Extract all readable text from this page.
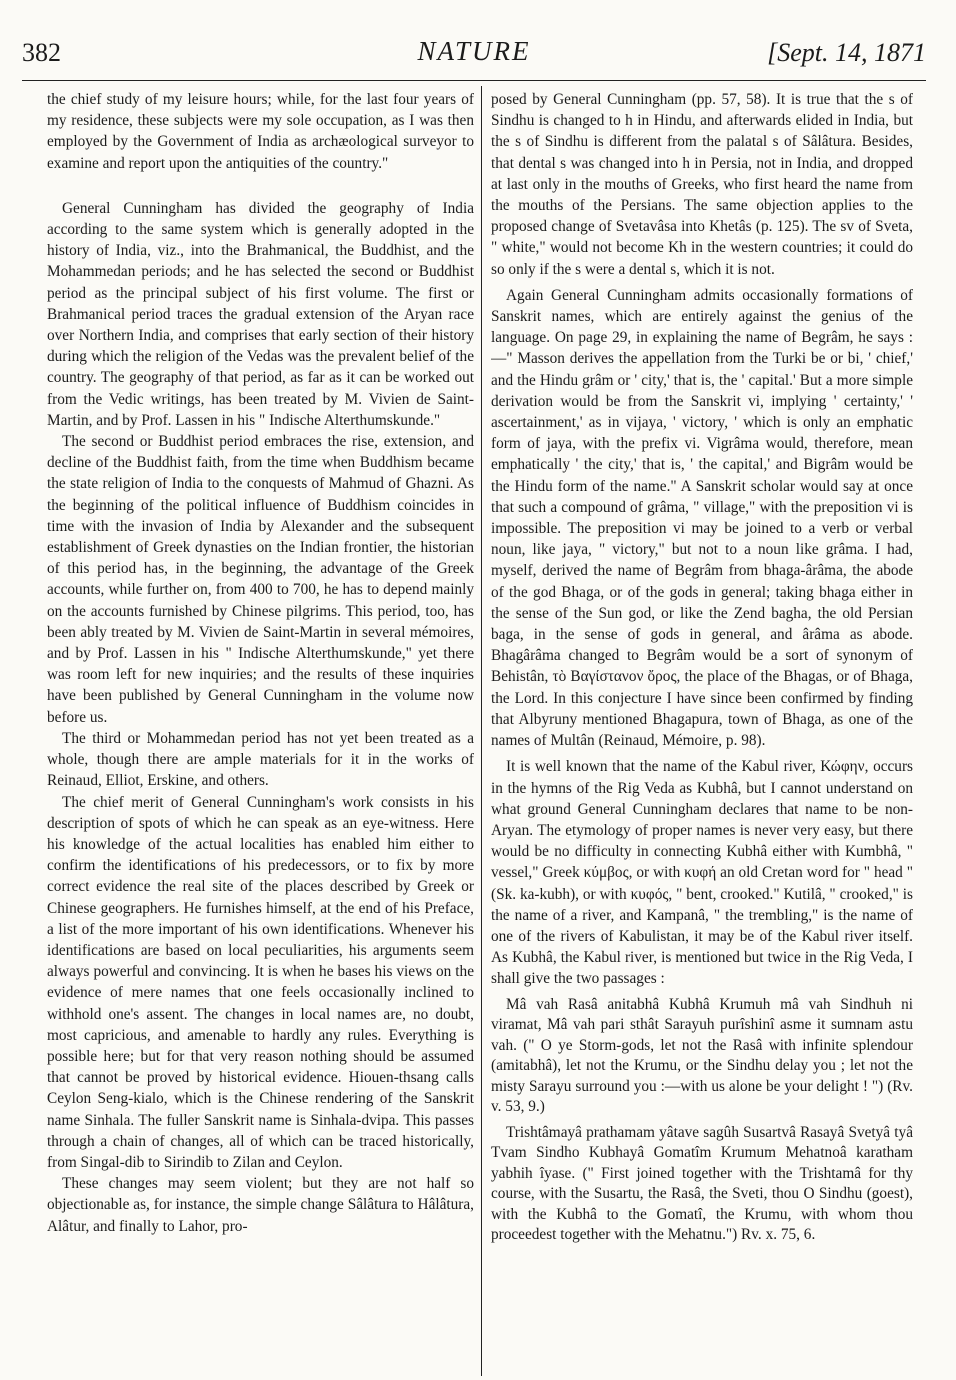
382	NATURE	[Sept. 14, 1871

the chief study of my leisure hours; while, for the last four years of my residence, these subjects were my sole occupation, as I was then employed by the Government of India as archæological surveyor to examine and report upon the antiquities of the country."

General Cunningham has divided the geography of India according to the same system which is generally adopted in the history of India, viz., into the Brahmanical, the Buddhist, and the Mohammedan periods; and he has selected the second or Buddhist period as the principal subject of his first volume. The first or Brahmanical period traces the gradual extension of the Aryan race over Northern India, and comprises that early section of their history during which the religion of the Vedas was the prevalent belief of the country. The geography of that period, as far as it can be worked out from the Vedic writings, has been treated by M. Vivien de Saint-Martin, and by Prof. Lassen in his " Indische Alterthumskunde."

The second or Buddhist period embraces the rise, extension, and decline of the Buddhist faith, from the time when Buddhism became the state religion of India to the conquests of Mahmud of Ghazni. As the beginning of the political influence of Buddhism coincides in time with the invasion of India by Alexander and the subsequent establishment of Greek dynasties on the Indian frontier, the historian of this period has, in the beginning, the advantage of the Greek accounts, while further on, from 400 to 700, he has to depend mainly on the accounts furnished by Chinese pilgrims. This period, too, has been ably treated by M. Vivien de Saint-Martin in several mémoires, and by Prof. Lassen in his " Indische Alterthumskunde," yet there was room left for new inquiries; and the results of these inquiries have been published by General Cunningham in the volume now before us.

The third or Mohammedan period has not yet been treated as a whole, though there are ample materials for it in the works of Reinaud, Elliot, Erskine, and others.

The chief merit of General Cunningham's work consists in his description of spots of which he can speak as an eye-witness. Here his knowledge of the actual localities has enabled him either to confirm the identifications of his predecessors, or to fix by more correct evidence the real site of the places described by Greek or Chinese geographers. He furnishes himself, at the end of his Preface, a list of the more important of his own identifications. Whenever his identifications are based on local peculiarities, his arguments seem always powerful and convincing. It is when he bases his views on the evidence of mere names that one feels occasionally inclined to withhold one's assent. The changes in local names are, no doubt, most capricious, and amenable to hardly any rules. Everything is possible here; but for that very reason nothing should be assumed that cannot be proved by historical evidence. Hiouen-thsang calls Ceylon Seng-kialo, which is the Chinese rendering of the Sanskrit name Sinhala. The fuller Sanskrit name is Sinhala-dvipa. This passes through a chain of changes, all of which can be traced historically, from Singal-dib to Sirindib to Zilan and Ceylon.

These changes may seem violent; but they are not half so objectionable as, for instance, the simple change Sâlâtura to Hâlâtura, Alâtur, and finally to Lahor, pro-

posed by General Cunningham (pp. 57, 58). It is true that the s of Sindhu is changed to h in Hindu, and afterwards elided in India, but the s of Sindhu is different from the palatal s of Sâlâtura. Besides, that dental s was changed into h in Persia, not in India, and dropped at last only in the mouths of Greeks, who first heard the name from the mouths of the Persians. The same objection applies to the proposed change of Svetavâsa into Khetâs (p. 125). The sv of Sveta, " white," would not become Kh in the western countries; it could do so only if the s were a dental s, which it is not.

Again General Cunningham admits occasionally formations of Sanskrit names, which are entirely against the genius of the language. On page 29, in explaining the name of Begrâm, he says :—" Masson derives the appellation from the Turki be or bi, ' chief,' and the Hindu grâm or ' city,' that is, the ' capital.' But a more simple derivation would be from the Sanskrit vi, implying ' certainty,' ' ascertainment,' as in vijaya, ' victory, ' which is only an emphatic form of jaya, with the prefix vi. Vigrâma would, therefore, mean emphatically ' the city,' that is, ' the capital,' and Bigrâm would be the Hindu form of the name." A Sanskrit scholar would say at once that such a compound of grâma, " village," with the preposition vi is impossible. The preposition vi may be joined to a verb or verbal noun, like jaya, " victory," but not to a noun like grâma. I had, myself, derived the name of Begrâm from bhaga-ârâma, the abode of the god Bhaga, or of the gods in general; taking bhaga either in the sense of the Sun god, or like the Zend bagha, the old Persian baga, in the sense of gods in general, and ârâma as abode. Bhagârâma changed to Begrâm would be a sort of synonym of Behistân, τὸ Βαγίστανον ὄρος, the place of the Bhagas, or of Bhaga, the Lord. In this conjecture I have since been confirmed by finding that Albyruny mentioned Bhagapura, town of Bhaga, as one of the names of Multân (Reinaud, Mémoire, p. 98).

It is well known that the name of the Kabul river, Κώφην, occurs in the hymns of the Rig Veda as Kubhâ, but I cannot understand on what ground General Cunningham declares that name to be non-Aryan. The etymology of proper names is never very easy, but there would be no difficulty in connecting Kubhâ either with Kumbhâ, " vessel," Greek κύμβος, or with κυφή an old Cretan word for " head " (Sk. ka-kubh), or with κυφός, " bent, crooked." Kutilâ, " crooked," is the name of a river, and Kampanâ, " the trembling," is the name of one of the rivers of Kabulistan, it may be of the Kabul river itself. As Kubhâ, the Kabul river, is mentioned but twice in the Rig Veda, I shall give the two passages :

Mâ vah Rasâ anitabhâ Kubhâ Krumuh mâ vah Sindhuh ni viramat, Mâ vah pari sthât Sarayuh purîshinî asme it sumnam astu vah. (" O ye Storm-gods, let not the Rasâ with infinite splendour (amitabhâ), let not the Krumu, or the Sindhu delay you ; let not the misty Sarayu surround you :—with us alone be your delight ! ") (Rv. v. 53, 9.)

Trishtâmayâ prathamam yâtave sagûh Susartvâ Rasayâ Svetyâ tyâ Tvam Sindho Kubhayâ Gomatîm Krumum Mehatnoâ karatham yabhih îyase. (" First joined together with the Trishtamâ for thy course, with the Susartu, the Rasâ, the Sveti, thou O Sindhu (goest), with the Kubhâ to the Gomatî, the Krumu, with whom thou proceedest together with the Mehatnu.") Rv. x. 75, 6.
